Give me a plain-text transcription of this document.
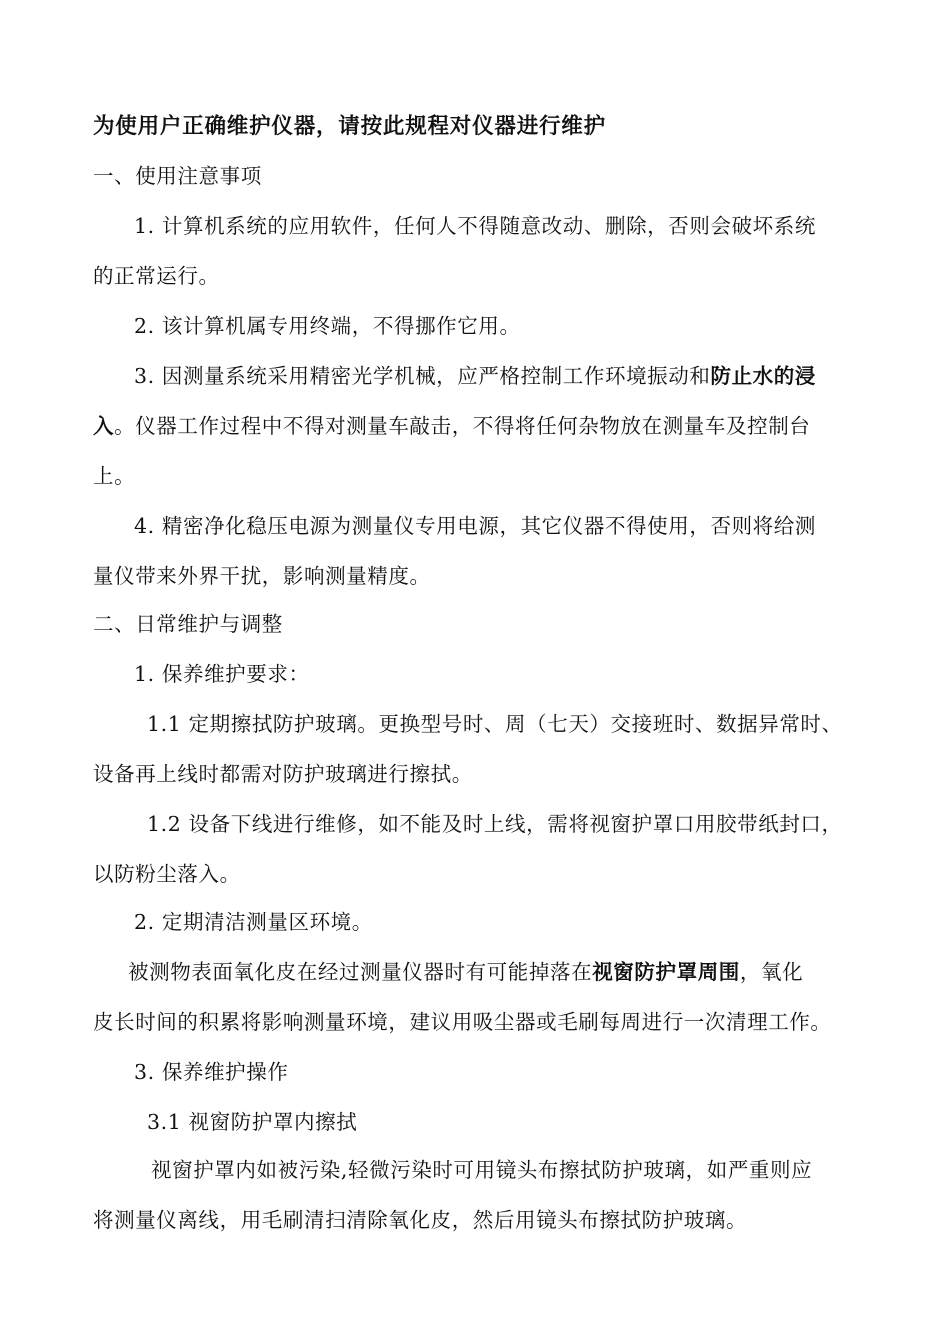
为使用户正确维护仪器，请按此规程对仪器进行维护
一、使用注意事项
1. 计算机系统的应用软件，任何人不得随意改动、删除，否则会破坏系统
的正常运行。
2. 该计算机属专用终端，不得挪作它用。
3. 因测量系统采用精密光学机械，应严格控制工作环境振动和防止水的浸
入。仪器工作过程中不得对测量车敲击，不得将任何杂物放在测量车及控制台
上。
4. 精密净化稳压电源为测量仪专用电源，其它仪器不得使用，否则将给测
量仪带来外界干扰，影响测量精度。
二、日常维护与调整
1. 保养维护要求：
1.1 定期擦拭防护玻璃。更换型号时、周（七天）交接班时、数据异常时、
设备再上线时都需对防护玻璃进行擦拭。
1.2 设备下线进行维修，如不能及时上线，需将视窗护罩口用胶带纸封口，
以防粉尘落入。
2. 定期清洁测量区环境。
被测物表面氧化皮在经过测量仪器时有可能掉落在视窗防护罩周围，氧化
皮长时间的积累将影响测量环境，建议用吸尘器或毛刷每周进行一次清理工作。
3. 保养维护操作
3.1 视窗防护罩内擦拭
视窗护罩内如被污染,轻微污染时可用镜头布擦拭防护玻璃，如严重则应
将测量仪离线，用毛刷清扫清除氧化皮，然后用镜头布擦拭防护玻璃。
